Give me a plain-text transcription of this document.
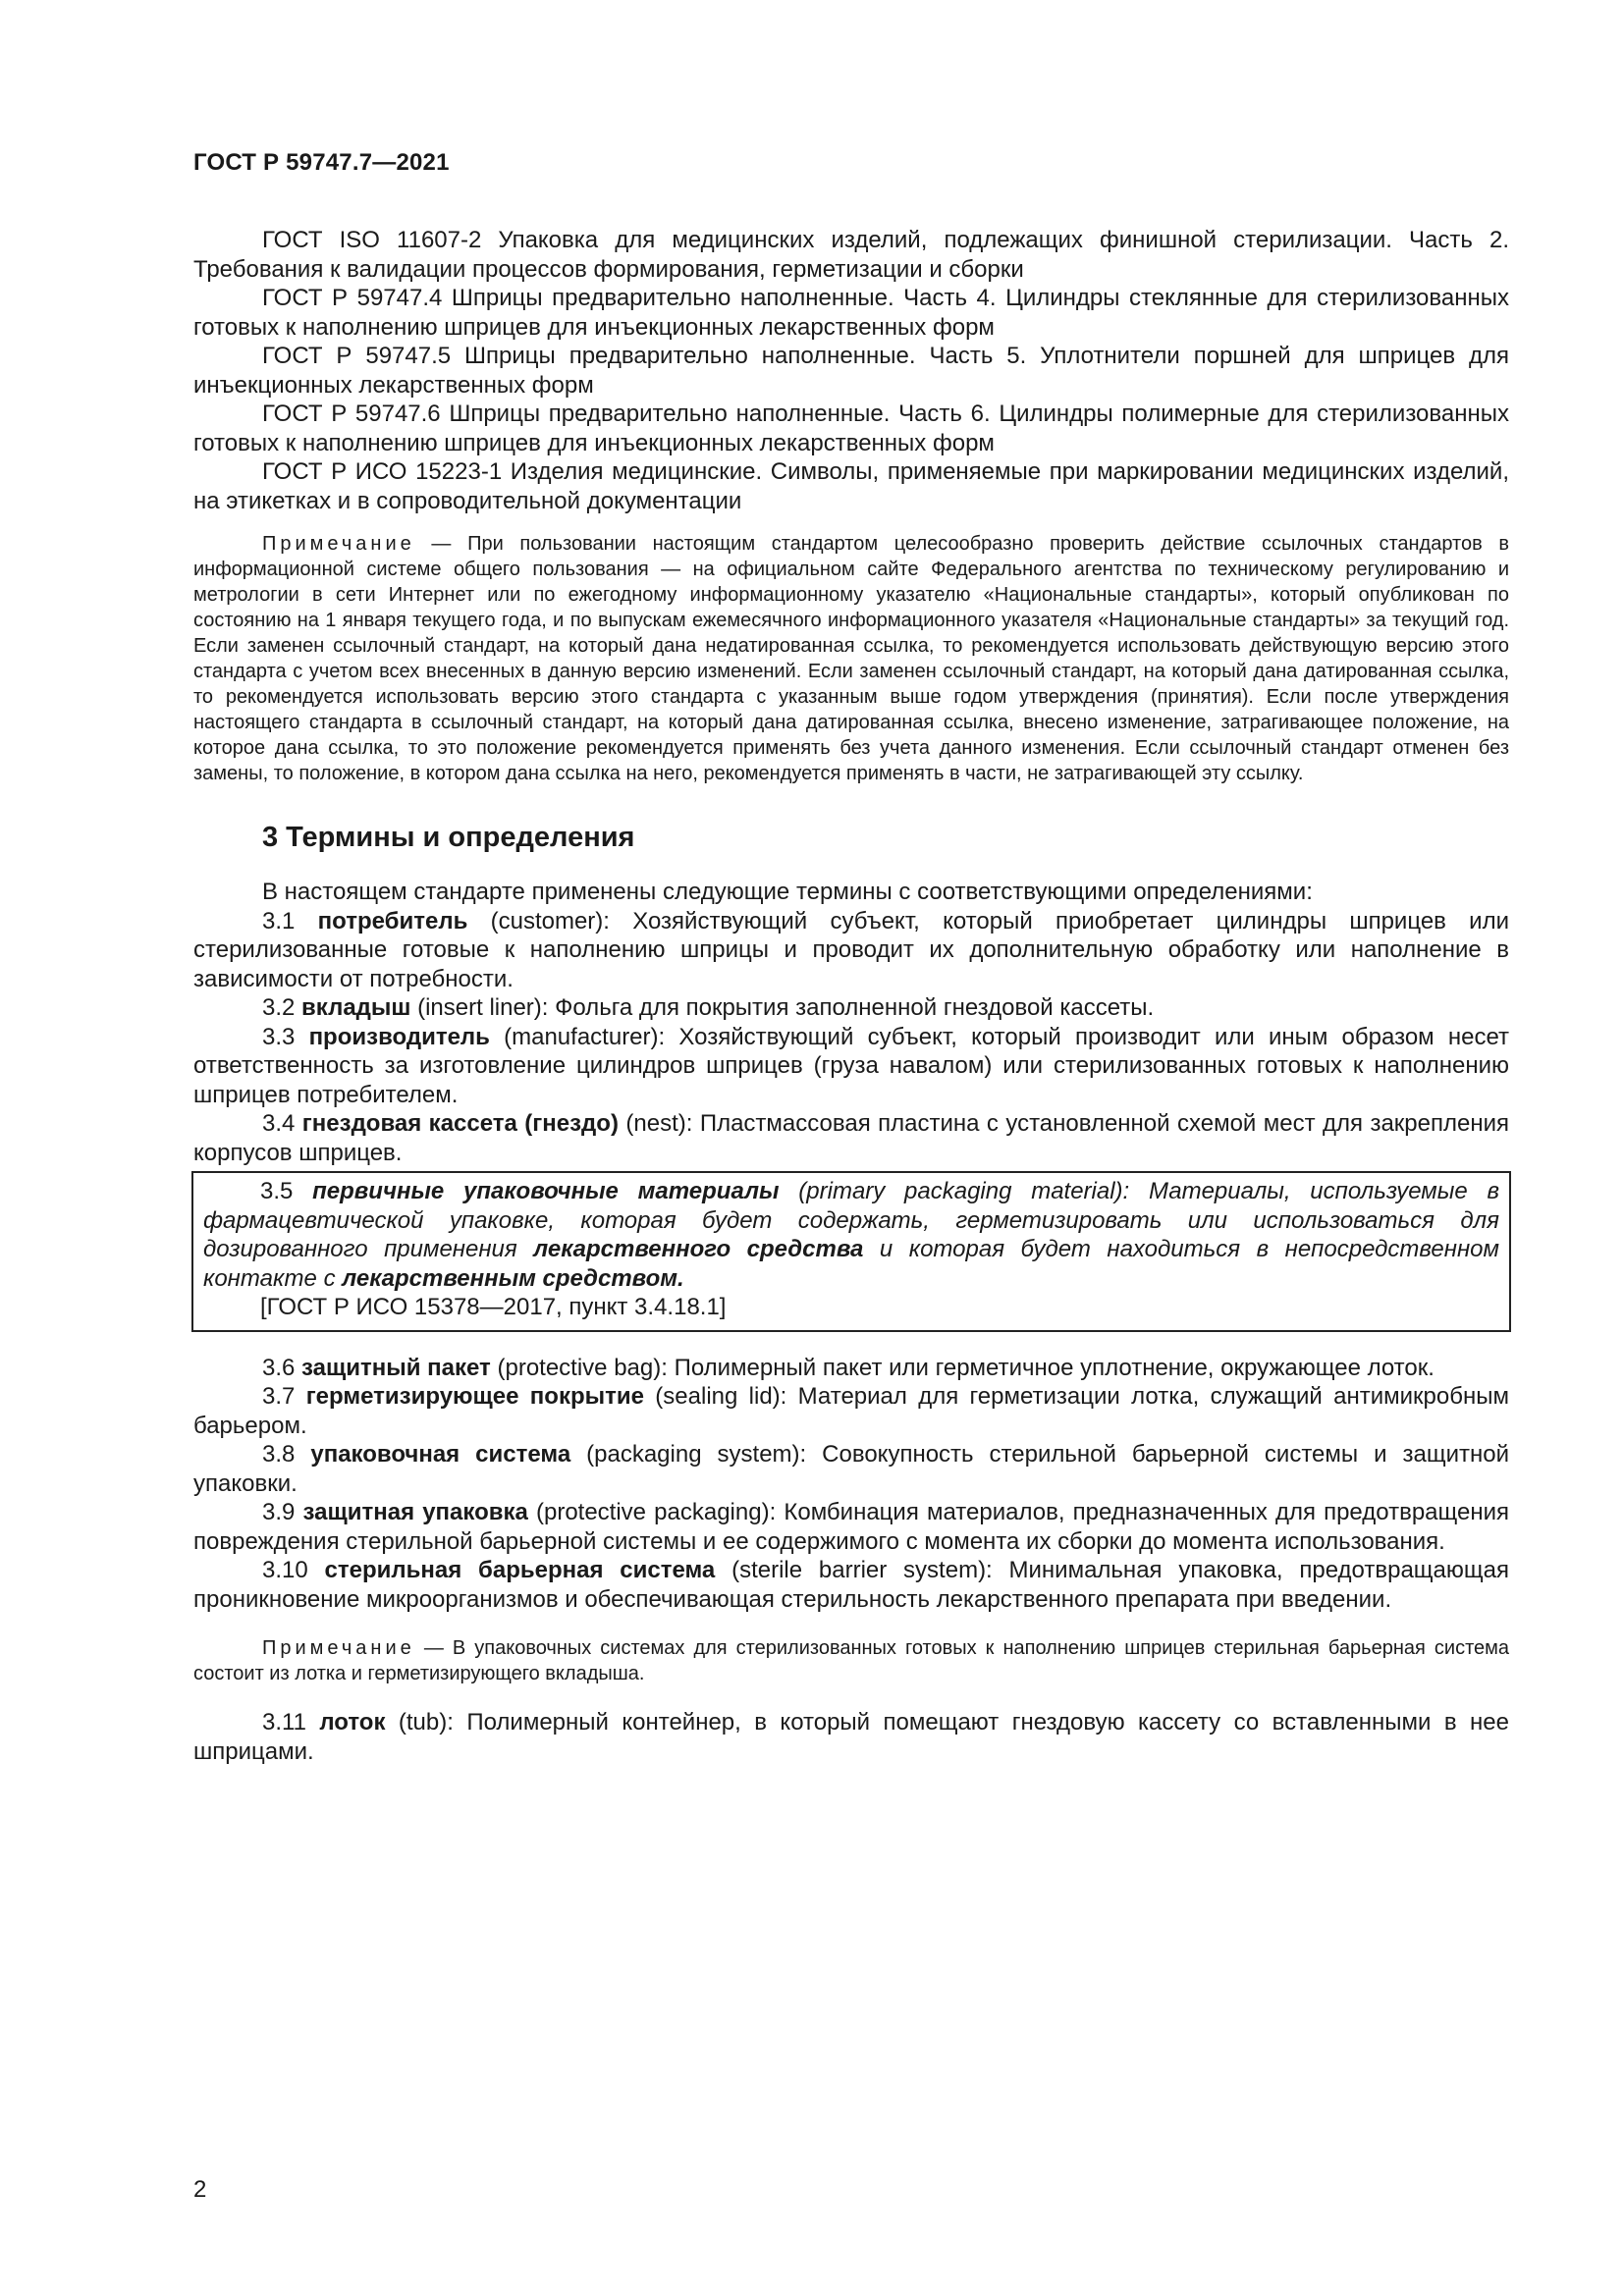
ГОСТ Р 59747.7—2021

ГОСТ ISO 11607-2 Упаковка для медицинских изделий, подлежащих финишной стерилизации. Часть 2. Требования к валидации процессов формирования, герметизации и сборки

ГОСТ Р 59747.4 Шприцы предварительно наполненные. Часть 4. Цилиндры стеклянные для стерилизованных готовых к наполнению шприцев для инъекционных лекарственных форм

ГОСТ Р 59747.5 Шприцы предварительно наполненные. Часть 5. Уплотнители поршней для шприцев для инъекционных лекарственных форм

ГОСТ Р 59747.6 Шприцы предварительно наполненные. Часть 6. Цилиндры полимерные для стерилизованных готовых к наполнению шприцев для инъекционных лекарственных форм

ГОСТ Р ИСО 15223-1 Изделия медицинские. Символы, применяемые при маркировании медицинских изделий, на этикетках и в сопроводительной документации

Примечание — При пользовании настоящим стандартом целесообразно проверить действие ссылочных стандартов в информационной системе общего пользования — на официальном сайте Федерального агентства по техническому регулированию и метрологии в сети Интернет или по ежегодному информационному указателю «Национальные стандарты», который опубликован по состоянию на 1 января текущего года, и по выпускам ежемесячного информационного указателя «Национальные стандарты» за текущий год. Если заменен ссылочный стандарт, на который дана недатированная ссылка, то рекомендуется использовать действующую версию этого стандарта с учетом всех внесенных в данную версию изменений. Если заменен ссылочный стандарт, на который дана датированная ссылка, то рекомендуется использовать версию этого стандарта с указанным выше годом утверждения (принятия). Если после утверждения настоящего стандарта в ссылочный стандарт, на который дана датированная ссылка, внесено изменение, затрагивающее положение, на которое дана ссылка, то это положение рекомендуется применять без учета данного изменения. Если ссылочный стандарт отменен без замены, то положение, в котором дана ссылка на него, рекомендуется применять в части, не затрагивающей эту ссылку.

3 Термины и определения

В настоящем стандарте применены следующие термины с соответствующими определениями:

3.1 потребитель (customer): Хозяйствующий субъект, который приобретает цилиндры шприцев или стерилизованные готовые к наполнению шприцы и проводит их дополнительную обработку или наполнение в зависимости от потребности.

3.2 вкладыш (insert liner): Фольга для покрытия заполненной гнездовой кассеты.

3.3 производитель (manufacturer): Хозяйствующий субъект, который производит или иным образом несет ответственность за изготовление цилиндров шприцев (груза навалом) или стерилизованных готовых к наполнению шприцев потребителем.

3.4 гнездовая кассета (гнездо) (nest): Пластмассовая пластина с установленной схемой мест для закрепления корпусов шприцев.

3.5 первичные упаковочные материалы (primary packaging material): Материалы, используемые в фармацевтической упаковке, которая будет содержать, герметизировать или использоваться для дозированного применения лекарственного средства и которая будет находиться в непосредственном контакте с лекарственным средством.

[ГОСТ Р ИСО 15378—2017, пункт 3.4.18.1]

3.6 защитный пакет (protective bag): Полимерный пакет или герметичное уплотнение, окружающее лоток.

3.7 герметизирующее покрытие (sealing lid): Материал для герметизации лотка, служащий антимикробным барьером.

3.8 упаковочная система (packaging system): Совокупность стерильной барьерной системы и защитной упаковки.

3.9 защитная упаковка (protective packaging): Комбинация материалов, предназначенных для предотвращения повреждения стерильной барьерной системы и ее содержимого с момента их сборки до момента использования.

3.10 стерильная барьерная система (sterile barrier system): Минимальная упаковка, предотвращающая проникновение микроорганизмов и обеспечивающая стерильность лекарственного препарата при введении.

Примечание — В упаковочных системах для стерилизованных готовых к наполнению шприцев стерильная барьерная система состоит из лотка и герметизирующего вкладыша.

3.11 лоток (tub): Полимерный контейнер, в который помещают гнездовую кассету со вставленными в нее шприцами.

2
